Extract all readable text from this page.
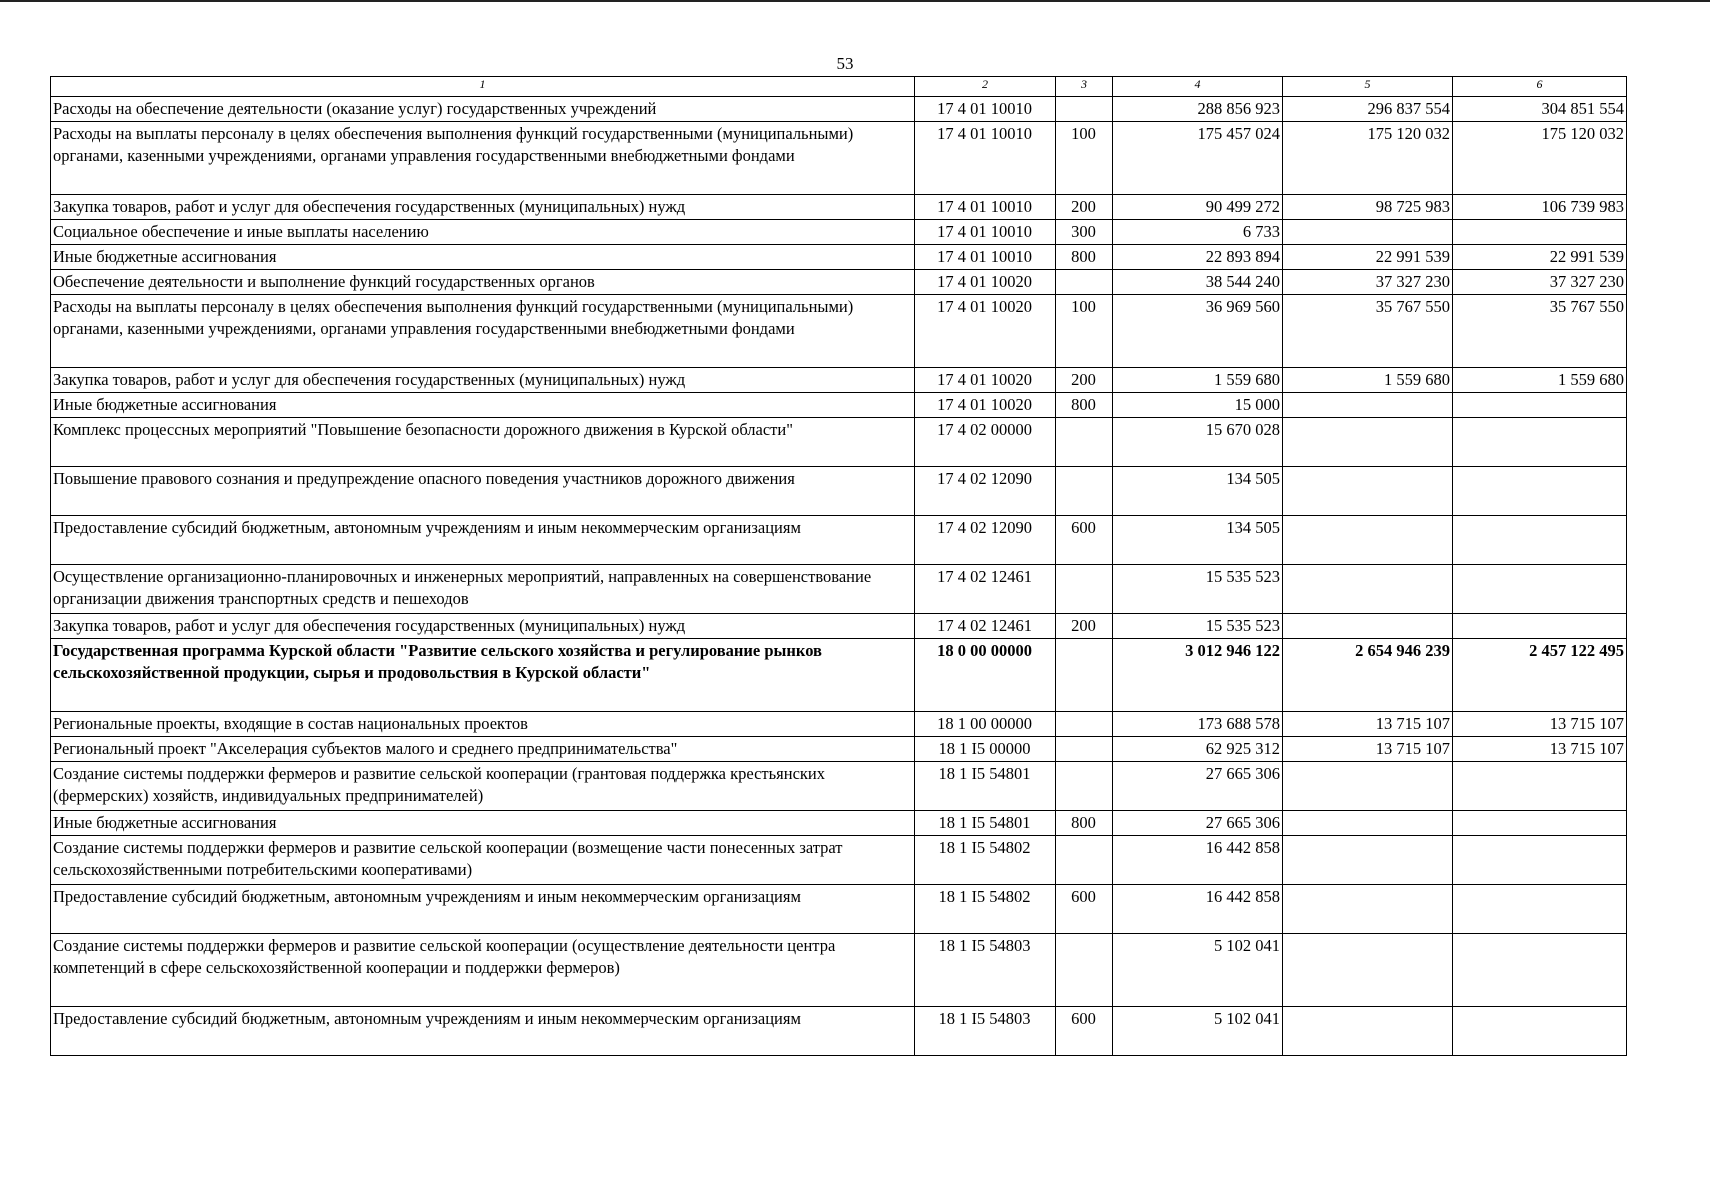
53
1	2	3	4	5	6
Расходы на обеспечение деятельности (оказание услуг) государственных учреждений	17 4 01 10010		288 856 923	296 837 554	304 851 554
Расходы на выплаты персоналу в целях обеспечения выполнения функций государственными (муниципальными) органами, казенными учреждениями, органами управления государственными внебюджетными фондами	17 4 01 10010	100	175 457 024	175 120 032	175 120 032
Закупка товаров, работ и услуг для обеспечения государственных (муниципальных) нужд	17 4 01 10010	200	90 499 272	98 725 983	106 739 983
Социальное обеспечение и иные выплаты населению	17 4 01 10010	300	6 733		
Иные бюджетные ассигнования	17 4 01 10010	800	22 893 894	22 991 539	22 991 539
Обеспечение деятельности и выполнение функций государственных органов	17 4 01 10020		38 544 240	37 327 230	37 327 230
Расходы на выплаты персоналу в целях обеспечения выполнения функций государственными (муниципальными) органами, казенными учреждениями, органами управления государственными внебюджетными фондами	17 4 01 10020	100	36 969 560	35 767 550	35 767 550
Закупка товаров, работ и услуг для обеспечения государственных (муниципальных) нужд	17 4 01 10020	200	1 559 680	1 559 680	1 559 680
Иные бюджетные ассигнования	17 4 01 10020	800	15 000		
Комплекс процессных мероприятий "Повышение безопасности дорожного движения в Курской области"	17 4 02 00000		15 670 028		
Повышение правового сознания и предупреждение опасного поведения участников дорожного движения	17 4 02 12090		134 505		
Предоставление субсидий бюджетным, автономным учреждениям и иным некоммерческим организациям	17 4 02 12090	600	134 505		
Осуществление организационно-планировочных и инженерных мероприятий, направленных на совершенствование организации движения транспортных средств и пешеходов	17 4 02 12461		15 535 523		
Закупка товаров, работ и услуг для обеспечения государственных (муниципальных) нужд	17 4 02 12461	200	15 535 523		
Государственная программа Курской области "Развитие сельского хозяйства и регулирование рынков сельскохозяйственной продукции, сырья и продовольствия в Курской области"	18 0 00 00000		3 012 946 122	2 654 946 239	2 457 122 495
Региональные проекты, входящие в состав национальных проектов	18 1 00 00000		173 688 578	13 715 107	13 715 107
Региональный проект "Акселерация субъектов малого и среднего предпринимательства"	18 1 I5 00000		62 925 312	13 715 107	13 715 107
Создание системы поддержки фермеров и развитие сельской кооперации (грантовая поддержка крестьянских (фермерских) хозяйств, индивидуальных предпринимателей)	18 1 I5 54801		27 665 306		
Иные бюджетные ассигнования	18 1 I5 54801	800	27 665 306		
Создание системы поддержки фермеров и развитие сельской кооперации (возмещение части понесенных затрат сельскохозяйственными потребительскими кооперативами)	18 1 I5 54802		16 442 858		
Предоставление субсидий бюджетным, автономным учреждениям и иным некоммерческим организациям	18 1 I5 54802	600	16 442 858		
Создание системы поддержки фермеров и развитие сельской кооперации (осуществление деятельности центра компетенций в сфере сельскохозяйственной кооперации и поддержки фермеров)	18 1 I5 54803		5 102 041		
Предоставление субсидий бюджетным, автономным учреждениям и иным некоммерческим организациям	18 1 I5 54803	600	5 102 041		
